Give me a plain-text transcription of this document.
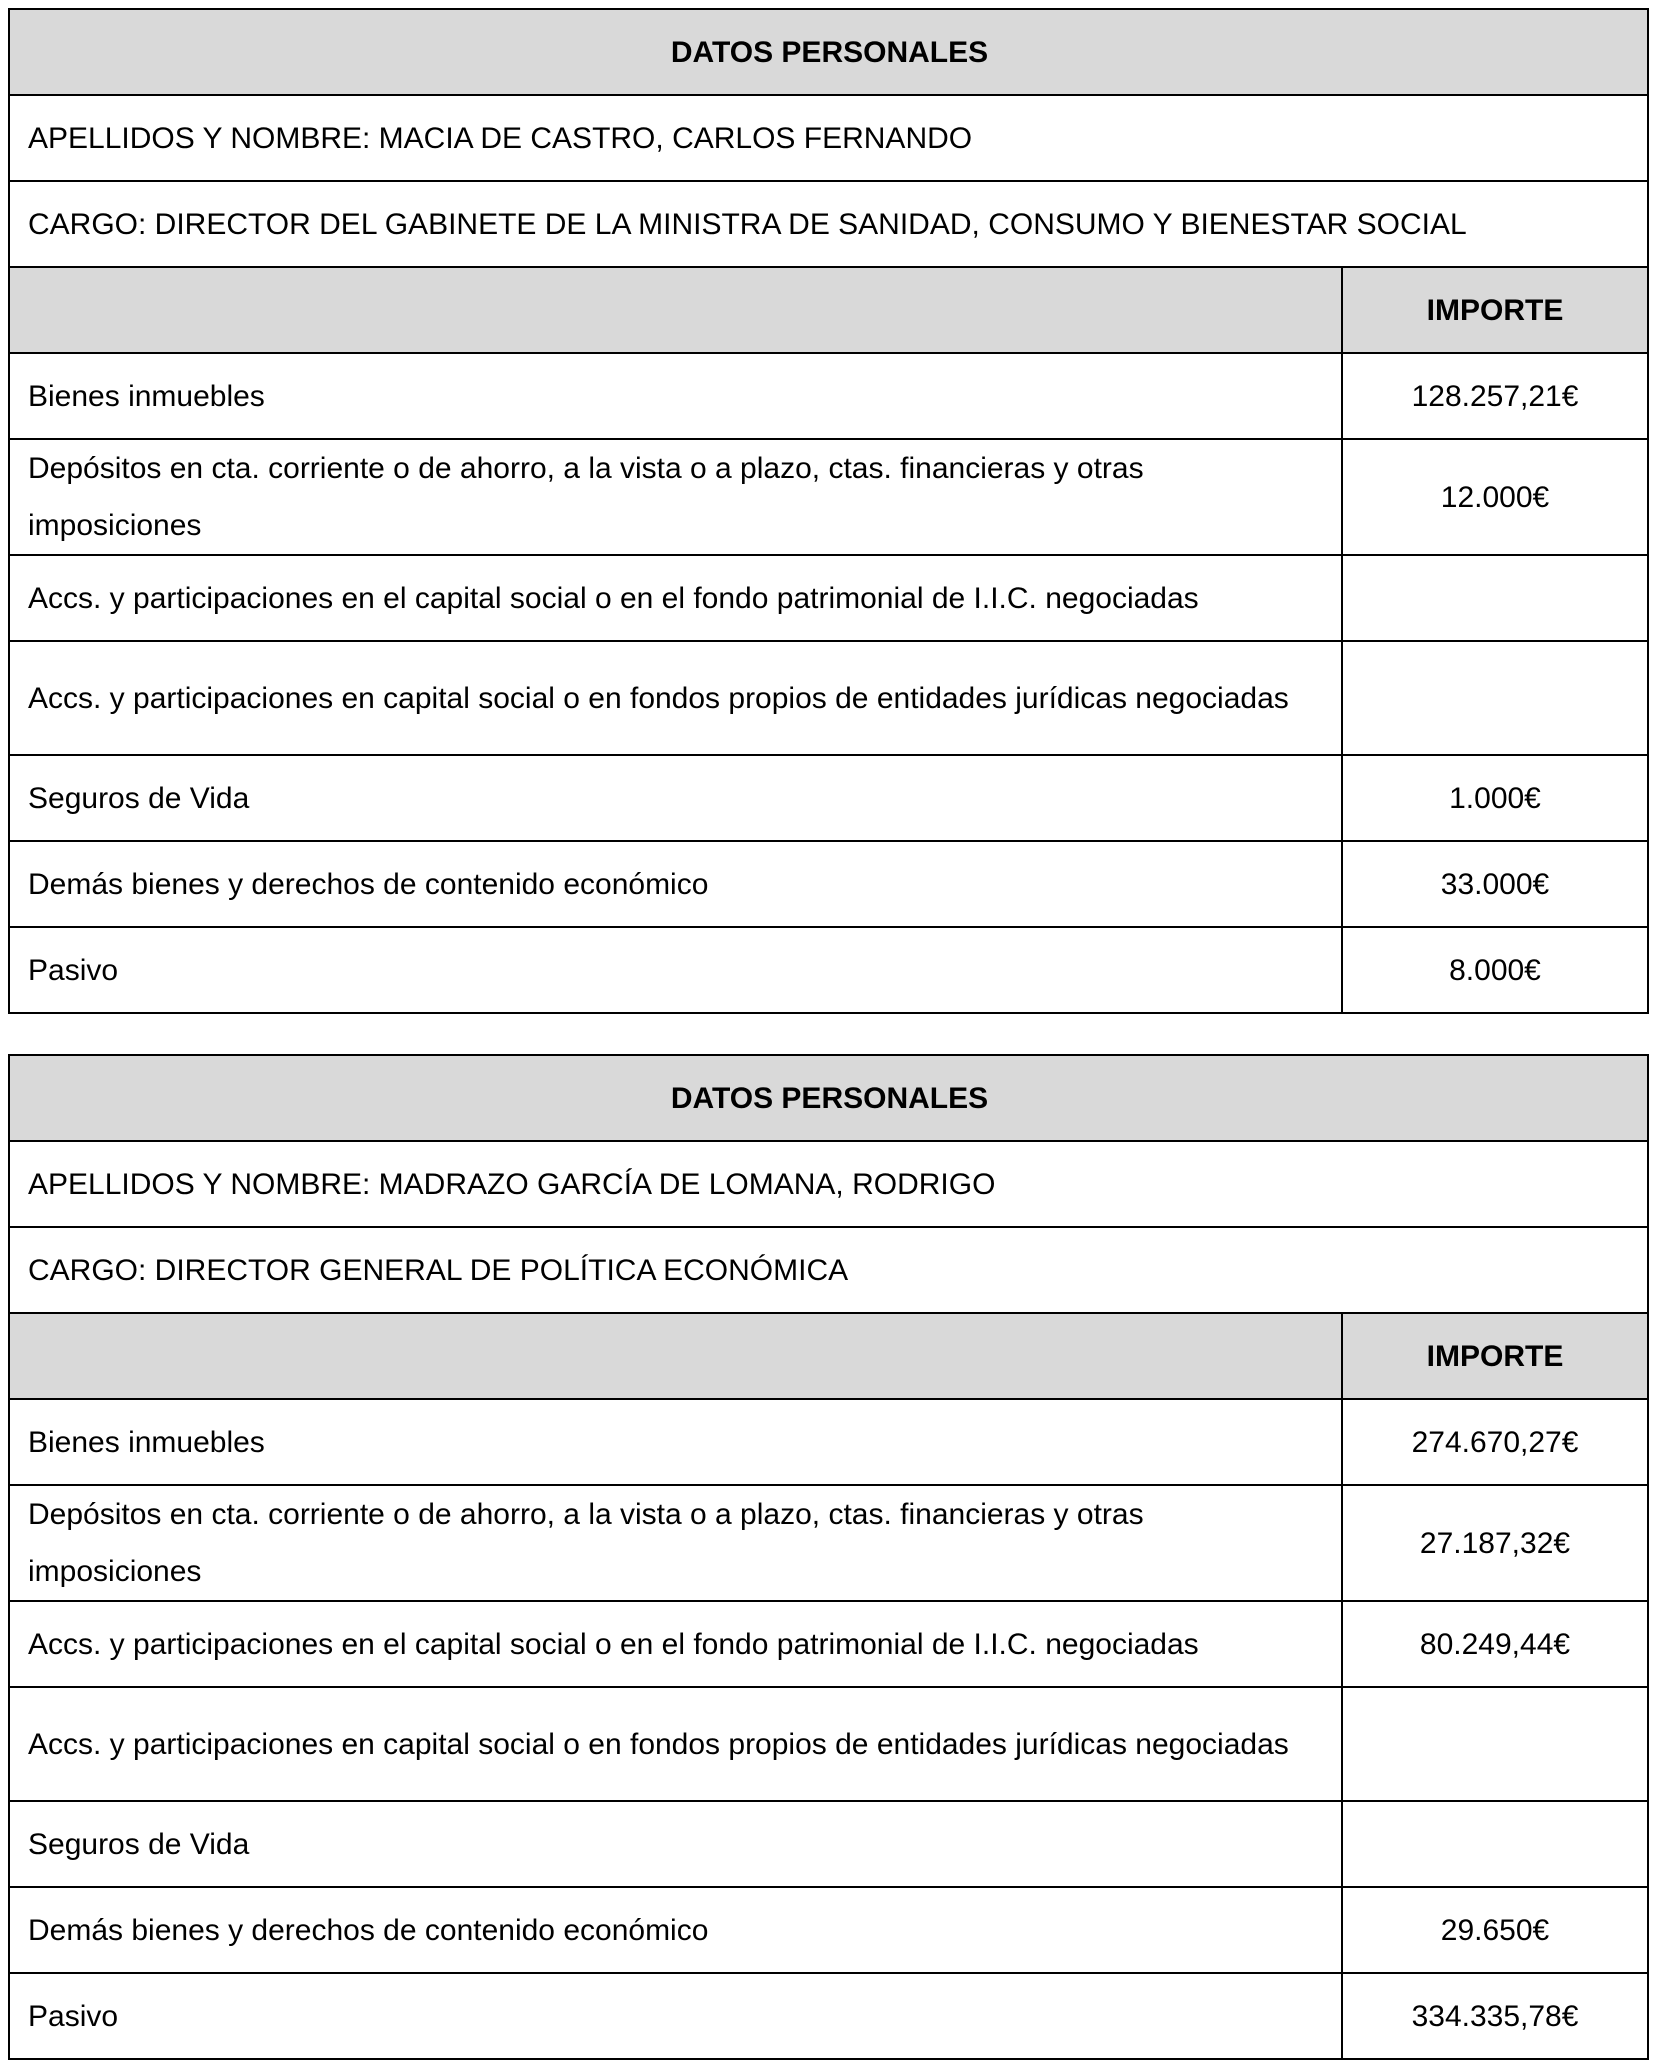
DATOS PERSONALES	
APELLIDOS Y NOMBRE: MACIA DE CASTRO, CARLOS FERNANDO	
CARGO: DIRECTOR DEL GABINETE DE LA MINISTRA DE SANIDAD, CONSUMO Y BIENESTAR SOCIAL	
	IMPORTE
Bienes inmuebles	128.257,21€
Depósitos en cta. corriente o de ahorro, a la vista o a plazo, ctas. financieras y otras imposiciones	12.000€
Accs. y participaciones en el capital social o en el fondo patrimonial de I.I.C. negociadas	
Accs. y participaciones en capital social o en fondos propios de entidades jurídicas negociadas	
Seguros de Vida	1.000€
Demás bienes y derechos de contenido económico	33.000€
Pasivo	8.000€
DATOS PERSONALES	
APELLIDOS Y NOMBRE: MADRAZO GARCÍA DE LOMANA, RODRIGO	
CARGO: DIRECTOR GENERAL DE POLÍTICA ECONÓMICA	
	IMPORTE
Bienes inmuebles	274.670,27€
Depósitos en cta. corriente o de ahorro, a la vista o a plazo, ctas. financieras y otras imposiciones	27.187,32€
Accs. y participaciones en el capital social o en el fondo patrimonial de I.I.C. negociadas	80.249,44€
Accs. y participaciones en capital social o en fondos propios de entidades jurídicas negociadas	
Seguros de Vida	
Demás bienes y derechos de contenido económico	29.650€
Pasivo	334.335,78€
